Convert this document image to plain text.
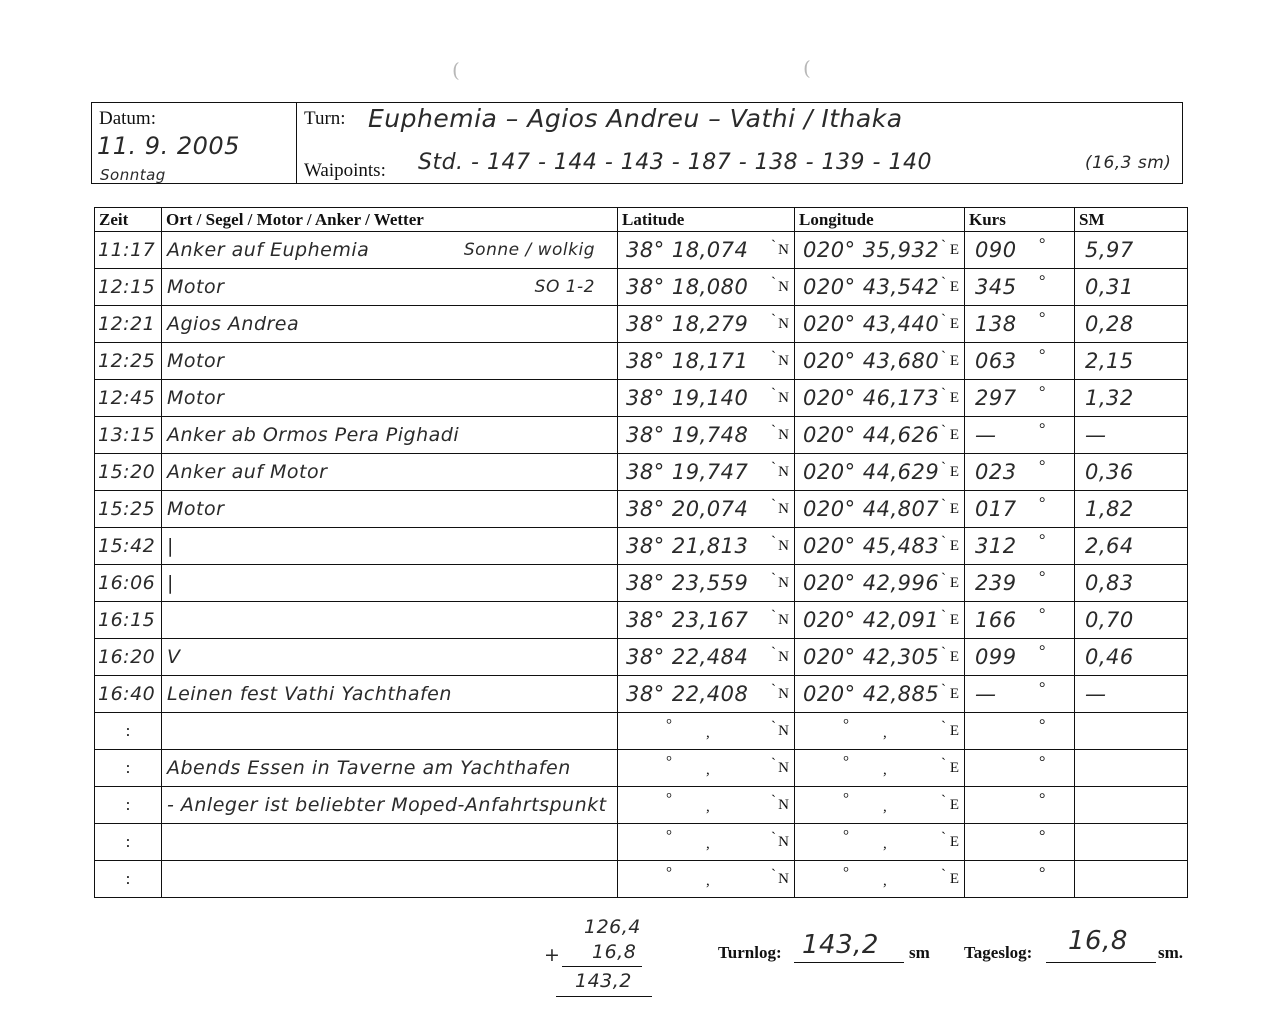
(	(
Datum:
11. 9. 2005
Sonntag
Turn: Euphemia – Agios Andreu – Vathi / Ithaka
Waipoints: Std. - 147 - 144 - 143 - 187 - 138 - 139 - 140	(16,3 sm)
Zeit	Ort / Segel / Motor / Anker / Wetter	Latitude	Longitude	Kurs	SM
11:17	Anker auf Euphemia Sonne / wolkig	38° 18,074 ` N	020° 35,932 ` E	090 °	5,97
12:15	Motor SO 1-2	38° 18,080 ` N	020° 43,542 ` E	345 °	0,31
12:21	Agios Andrea	38° 18,279 ` N	020° 43,440 ` E	138 °	0,28
12:25	Motor	38° 18,171 ` N	020° 43,680 ` E	063 °	2,15
12:45	Motor	38° 19,140 ` N	020° 46,173 ` E	297 °	1,32
13:15	Anker ab Ormos Pera Pighadi	38° 19,748 ` N	020° 44,626 ` E	— °	—
15:20	Anker auf Motor	38° 19,747 ` N	020° 44,629 ` E	023 °	0,36
15:25	Motor	38° 20,074 ` N	020° 44,807 ` E	017 °	1,82
15:42	|	38° 21,813 ` N	020° 45,483 ` E	312 °	2,64
16:06	|	38° 23,559 ` N	020° 42,996 ` E	239 °	0,83
16:15		38° 23,167 ` N	020° 42,091 ` E	166 °	0,70
16:20	V	38° 22,484 ` N	020° 42,305 ` E	099 °	0,46
16:40	Leinen fest Vathi Yachthafen	38° 22,408 ` N	020° 42,885 ` E	— °	—
:		° , ` N	° , ` E	°	

:	Abends Essen in Taverne am Yachthafen	° , ` N	° , ` E	°	

:	- Anleger ist beliebter Moped-Anfahrtspunkt	° , ` N	° , ` E	°	

:		° , ` N	° , ` E	°	

:		° , ` N	° , ` E	°	

126,4
+ 16,8
143,2
Turnlog: 143,2 sm Tageslog: 16,8 sm.
